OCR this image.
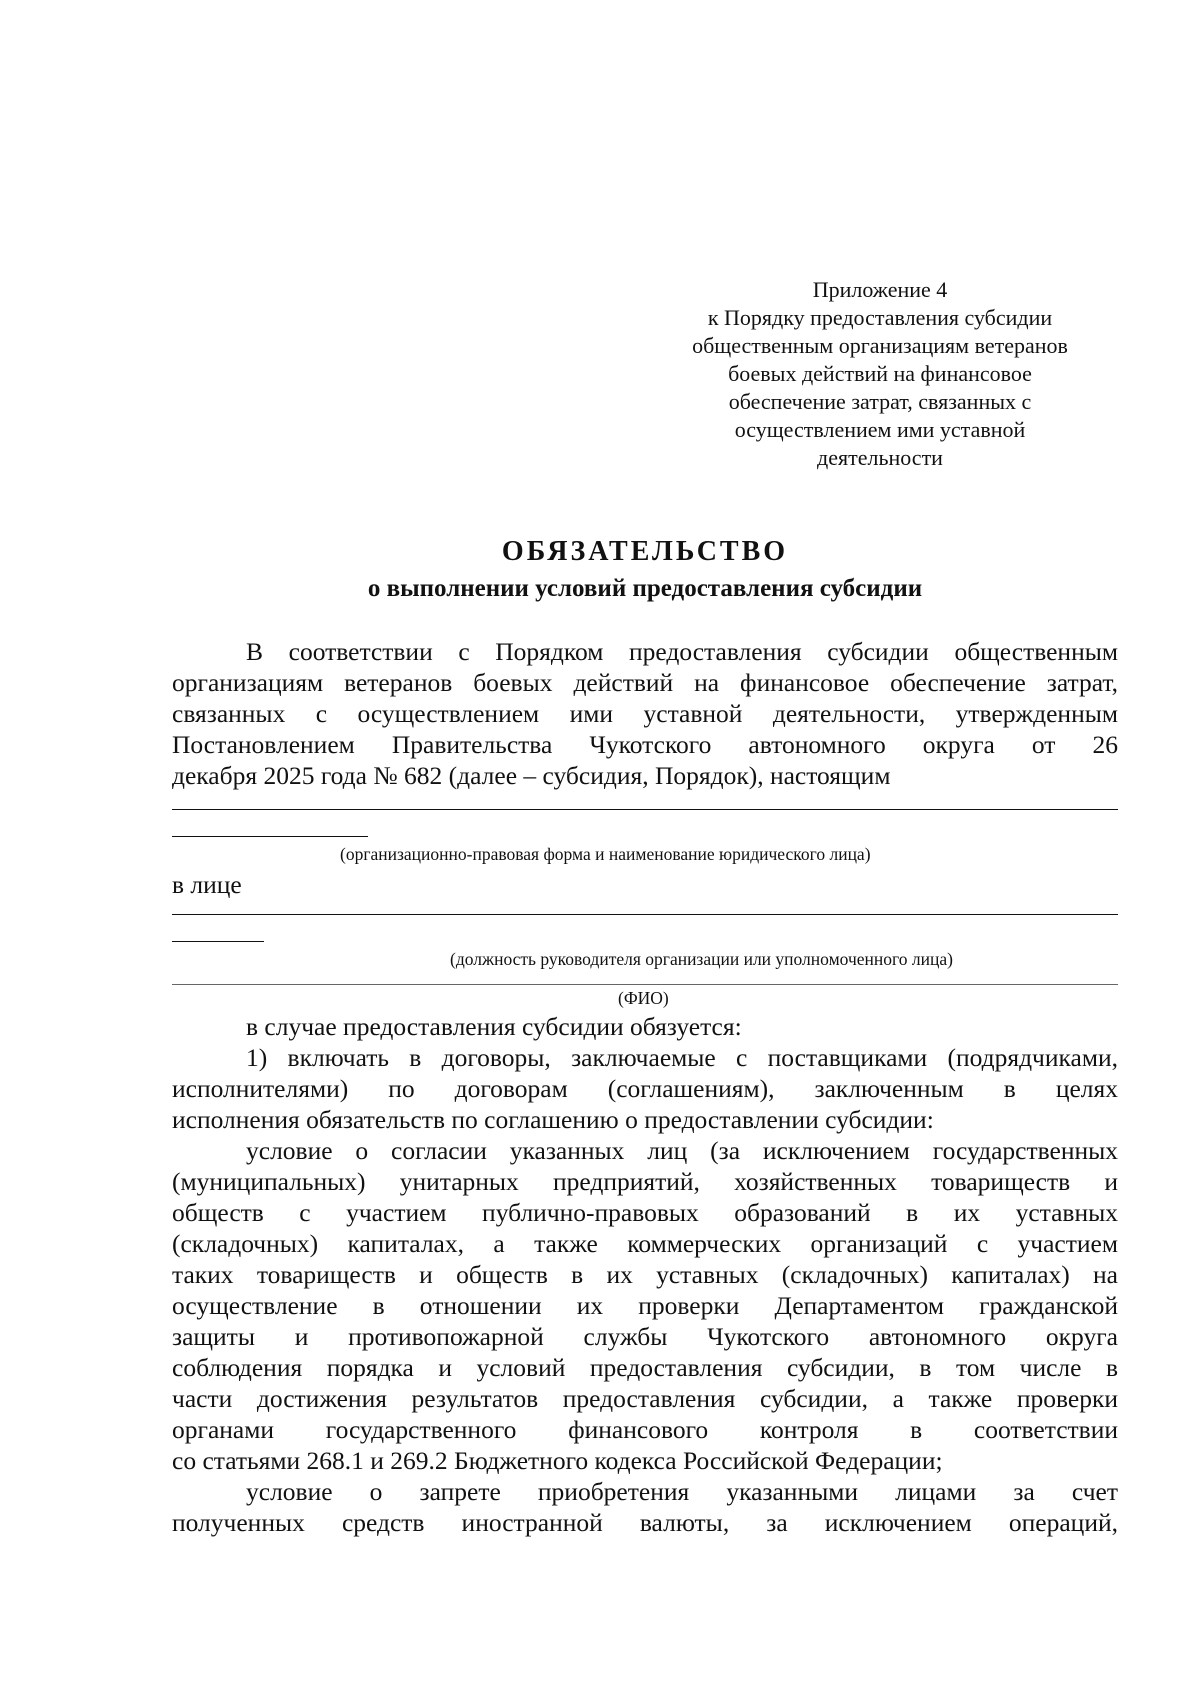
Приложение 4
к Порядку предоставления субсидии
общественным организациям ветеранов
боевых действий на финансовое
обеспечение затрат, связанных с
осуществлением ими уставной
деятельности
ОБЯЗАТЕЛЬСТВО
о выполнении условий предоставления субсидии
В соответствии с Порядком предоставления субсидии общественным
организациям ветеранов боевых действий на финансовое обеспечение затрат,
связанных с осуществлением ими уставной деятельности, утвержденным
Постановлением Правительства Чукотского автономного округа от 26
декабря 2025 года № 682 (далее – субсидия, Порядок), настоящим
(организационно-правовая форма и наименование юридического лица)
в лице
(должность руководителя организации или уполномоченного лица)
(ФИО)
в случае предоставления субсидии обязуется:
1) включать в договоры, заключаемые с поставщиками (подрядчиками,
исполнителями) по договорам (соглашениям), заключенным в целях
исполнения обязательств по соглашению о предоставлении субсидии:
условие о согласии указанных лиц (за исключением государственных
(муниципальных) унитарных предприятий, хозяйственных товариществ и
обществ с участием публично-правовых образований в их уставных
(складочных) капиталах, а также коммерческих организаций с участием
таких товариществ и обществ в их уставных (складочных) капиталах) на
осуществление в отношении их проверки Департаментом гражданской
защиты и противопожарной службы Чукотского автономного округа
соблюдения порядка и условий предоставления субсидии, в том числе в
части достижения результатов предоставления субсидии, а также проверки
органами государственного финансового контроля в соответствии
со статьями 268.1 и 269.2 Бюджетного кодекса Российской Федерации;
условие о запрете приобретения указанными лицами за счет
полученных средств иностранной валюты, за исключением операций,
